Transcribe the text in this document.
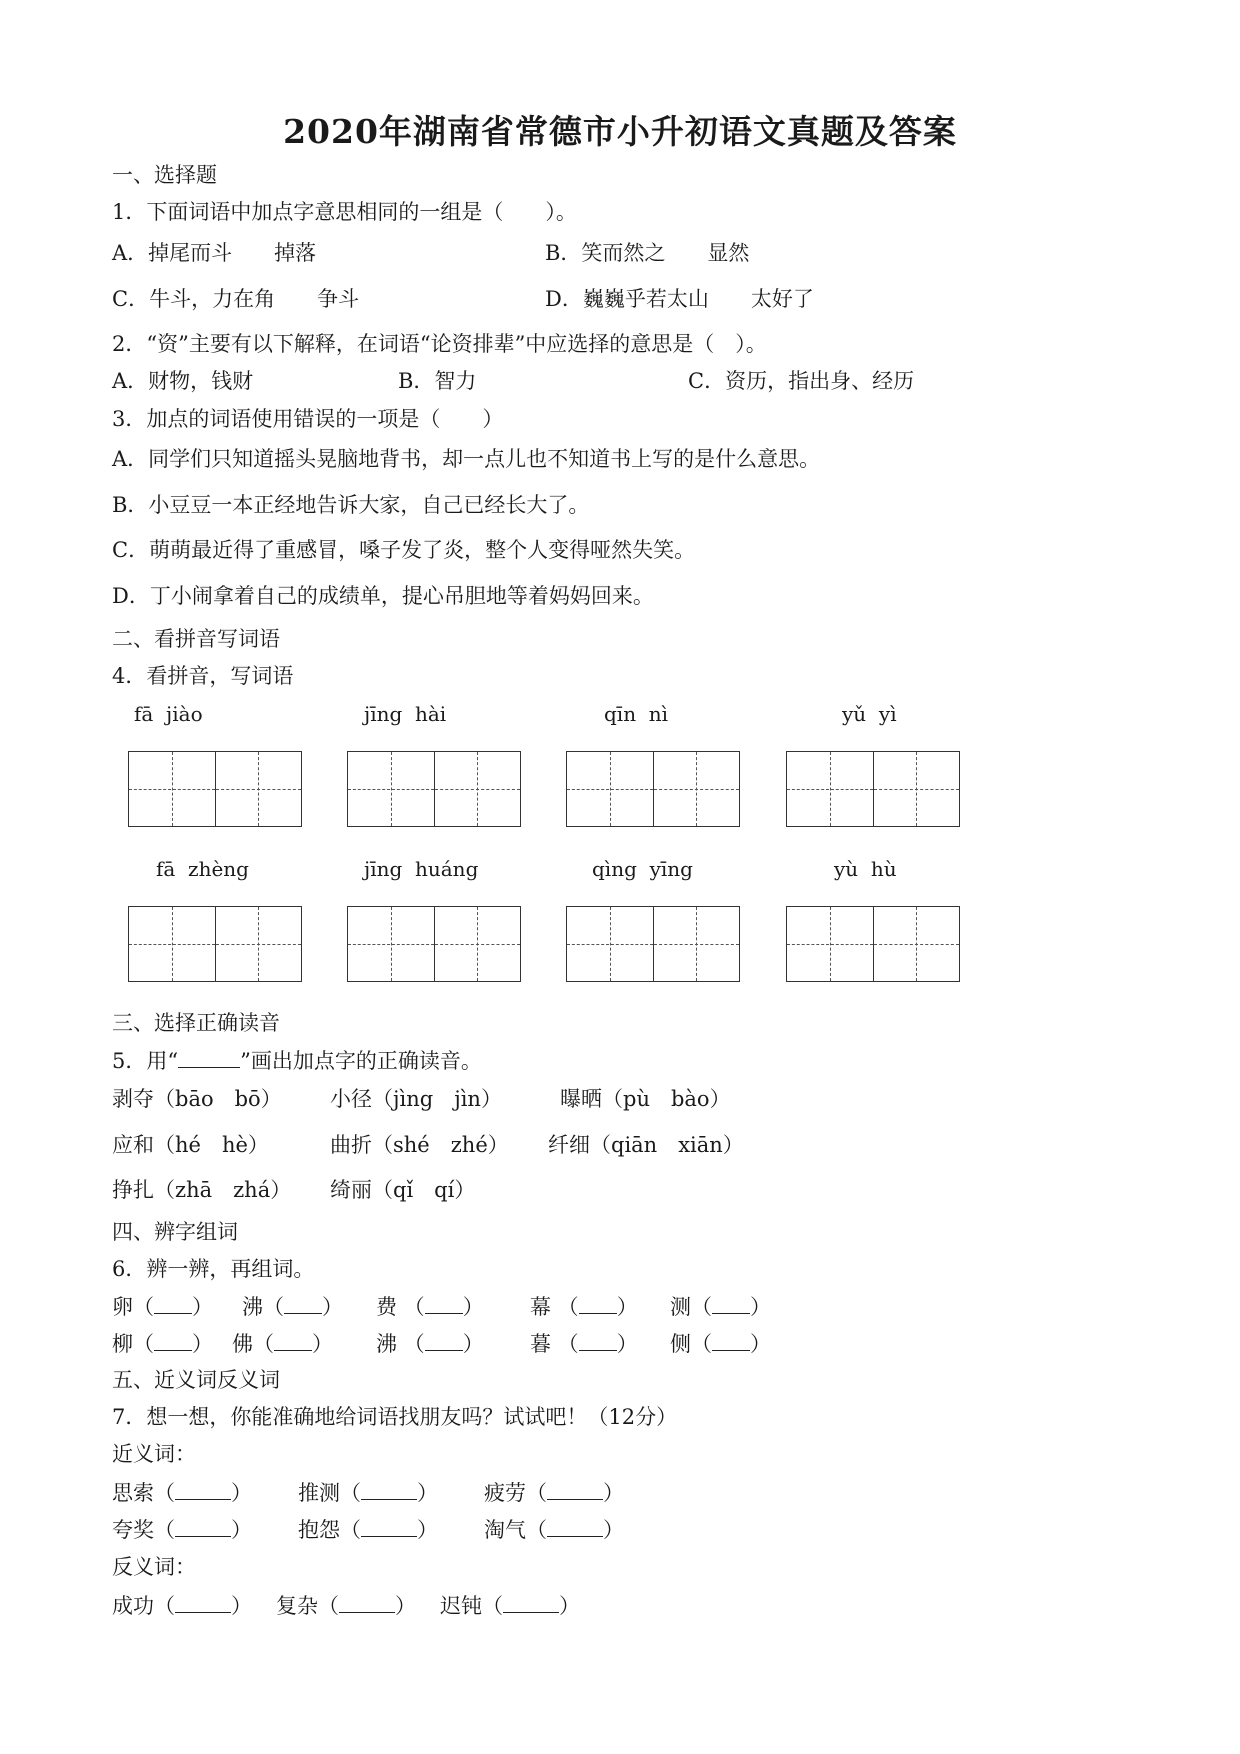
2020年湖南省常德市小升初语文真题及答案
一、选择题
1．下面词语中加点字意思相同的一组是（　　）。
A．掉尾而斗　　掉落	B．笑而然之　　显然
C．牛斗，力在角　　争斗	D．巍巍乎若太山　　太好了
2．“资”主要有以下解释，在词语“论资排辈”中应选择的意思是（　）。
A．财物，钱财	B．智力	C．资历，指出身、经历
3．加点的词语使用错误的一项是（　　）
A．同学们只知道摇头晃脑地背书，却一点儿也不知道书上写的是什么意思。
B．小豆豆一本正经地告诉大家，自己已经长大了。
C．萌萌最近得了重感冒，嗓子发了炎，整个人变得哑然失笑。
D．丁小闹拿着自己的成绩单，提心吊胆地等着妈妈回来。
二、看拼音写词语
4．看拼音，写词语
fā  jiào	jīng  hài	qīn  nì	yǔ  yì
fā  zhèng	jīng  huáng	qìng  yīng	yù  hù
三、选择正确读音
5．用“	”画出加点字的正确读音。
剥夺（bāo　bō） 小径（jìng　jìn）	曝晒（pù　bào）
应和（hé　hè）	曲折（shé　zhé） 纤细（qiān　xiān）
挣扎（zhā　zhá） 绮丽（qǐ　qí）
四、辨字组词
6．辨一辨，再组词。
卵（ ） 沸（ ） 费 （ ） 幕 （ ） 测（ ）
柳（ ） 佛（ ） 沸 （ ） 暮 （ ） 侧（ ）
五、近义词反义词
7．想一想，你能准确地给词语找朋友吗？试试吧！（12分）
近义词：
思索（	） 推测（	） 疲劳（	）
夸奖（	） 抱怨（	） 淘气（	）
反义词：
成功（	） 复杂（	） 迟钝（	）
